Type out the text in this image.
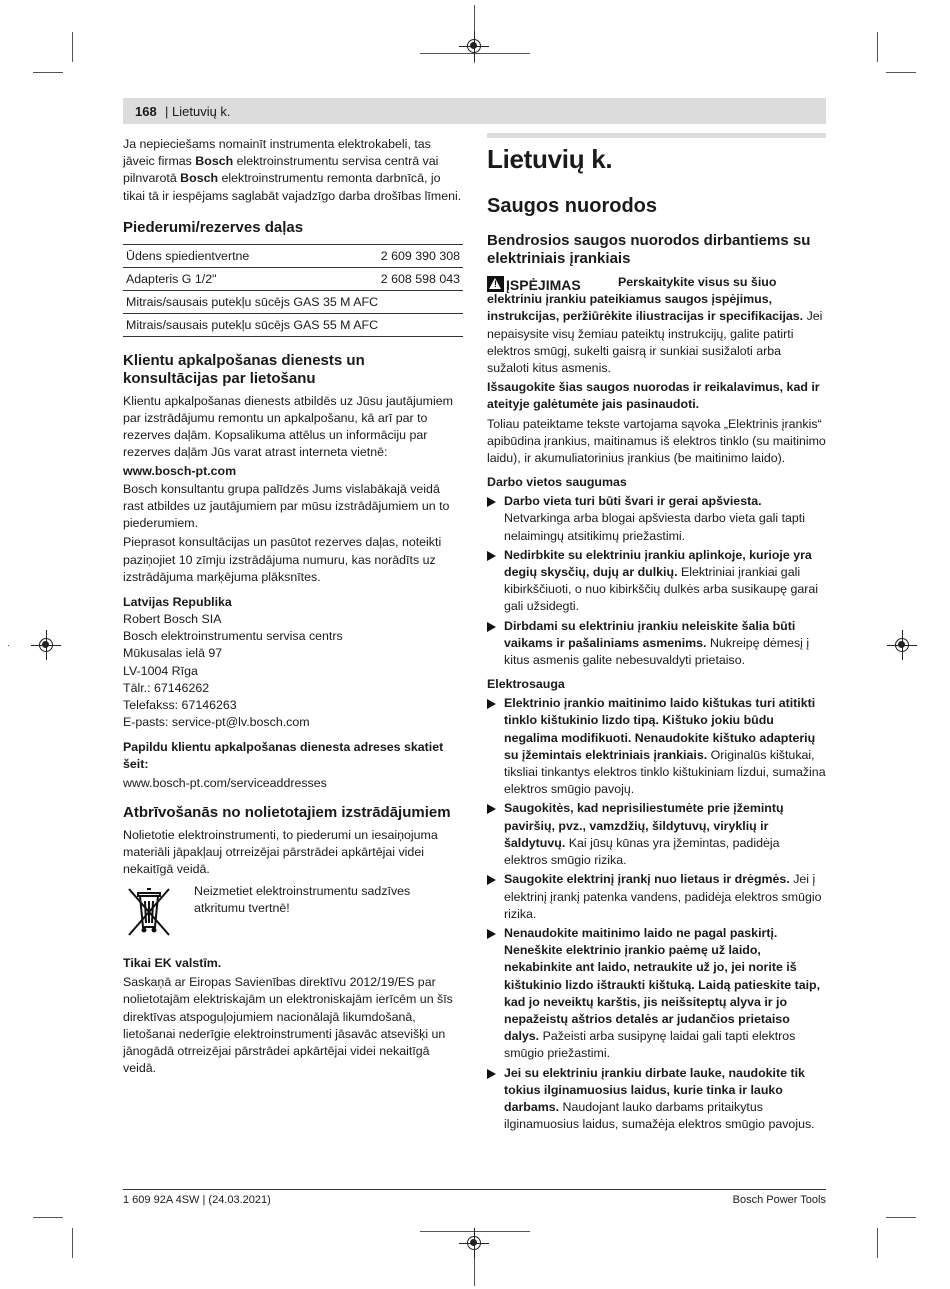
168 | Lietuvių k.

Ja nepieciešams nomainīt instrumenta elektrokabeli, tas jāveic firmas Bosch elektroinstrumentu servisa centrā vai pilnvarotā Bosch elektroinstrumentu remonta darbnīcā, jo tikai tā ir iespējams saglabāt vajadzīgo darba drošības līmeni.

Piederumi/rezerves daļas
Ūdens spiedientvertne	2 609 390 308
Adapteris G 1/2"	2 608 598 043
Mitrais/sausais putekļu sūcējs GAS 35 M AFC	
Mitrais/sausais putekļu sūcējs GAS 55 M AFC	
Klientu apkalpošanas dienests un konsultācijas par lietošanu

Klientu apkalpošanas dienests atbildēs uz Jūsu jautājumiem par izstrādājumu remontu un apkalpošanu, kā arī par to rezerves daļām. Kopsalikuma attēlus un informāciju par rezerves daļām Jūs varat atrast interneta vietnē:

www.bosch-pt.com

Bosch konsultantu grupa palīdzēs Jums vislabākajā veidā rast atbildes uz jautājumiem par mūsu izstrādājumiem un to piederumiem.

Pieprasot konsultācijas un pasūtot rezerves daļas, noteikti paziņojiet 10 zīmju izstrādājuma numuru, kas norādīts uz izstrādājuma marķējuma plāksnītes.

Latvijas Republika
Robert Bosch SIA
Bosch elektroinstrumentu servisa centrs
Mūkusalas ielā 97
LV-1004 Rīga
Tālr.: 67146262
Telefakss: 67146263
E-pasts: service-pt@lv.bosch.com
Papildu klientu apkalpošanas dienesta adreses skatiet šeit:

www.bosch-pt.com/serviceaddresses

Atbrīvošanās no nolietotajiem izstrādājumiem

Nolietotie elektroinstrumenti, to piederumi un iesaiņojuma materiāli jāpakļauj otrreizējai pārstrādei apkārtējai videi nekaitīgā veidā.

Neizmetiet elektroinstrumentu sadzīves atkritumu tvertnē!
Tikai EK valstīm.

Saskaņā ar Eiropas Savienības direktīvu 2012/19/ES par nolietotajām elektriskajām un elektroniskajām ierīcēm un šīs direktīvas atspoguļojumiem nacionālajā likumdošanā, lietošanai nederīgie elektroinstrumenti jāsavāc atsevišķi un jānogādā otrreizējai pārstrādei apkārtējai videi nekaitīgā veidā.

Lietuvių k.
Saugos nuorodos
Bendrosios saugos nuorodos dirbantiems su elektriniais įrankiais
!ĮSPĖJIMAS	Perskaitykite visus su šiuo elektriniu įrankiu pateikiamus saugos įspėjimus, instrukcijas, peržiūrėkite iliustracijas ir specifikacijas. Jei nepaisysite visų žemiau pateiktų instrukcijų, galite patirti elektros smūgį, sukelti gaisrą ir sunkiai susižaloti arba sužaloti kitus asmenis.

Išsaugokite šias saugos nuorodas ir reikalavimus, kad ir ateityje galėtumėte jais pasinaudoti.

Toliau pateiktame tekste vartojama sąvoka „Elektrinis įrankis“ apibūdina įrankius, maitinamus iš elektros tinklo (su maitinimo laidu), ir akumuliatorinius įrankius (be maitinimo laido).

Darbo vietos saugumas
Darbo vieta turi būti švari ir gerai apšviesta. Netvarkinga arba blogai apšviesta darbo vieta gali tapti nelaimingų atsitikimų priežastimi.
Nedirbkite su elektriniu įrankiu aplinkoje, kurioje yra degių skysčių, dujų ar dulkių. Elektriniai įrankiai gali kibirkščiuoti, o nuo kibirkščių dulkės arba susikaupę garai gali užsidegti.
Dirbdami su elektriniu įrankiu neleiskite šalia būti vaikams ir pašaliniams asmenims. Nukreipę dėmesį į kitus asmenis galite nebesuvaldyti prietaiso.
Elektrosauga
Elektrinio įrankio maitinimo laido kištukas turi atitikti tinklo kištukinio lizdo tipą. Kištuko jokiu būdu negalima modifikuoti. Nenaudokite kištuko adapterių su įžemintais elektriniais įrankiais. Originalūs kištukai, tiksliai tinkantys elektros tinklo kištukiniam lizdui, sumažina elektros smūgio pavojų.
Saugokitės, kad neprisiliestumėte prie įžemintų paviršių, pvz., vamzdžių, šildytuvų, viryklių ir šaldytuvų. Kai jūsų kūnas yra įžemintas, padidėja elektros smūgio rizika.
Saugokite elektrinį įrankį nuo lietaus ir drėgmės. Jei į elektrinį įrankį patenka vandens, padidėja elektros smūgio rizika.
Nenaudokite maitinimo laido ne pagal paskirtį. Neneškite elektrinio įrankio paėmę už laido, nekabinkite ant laido, netraukite už jo, jei norite iš kištukinio lizdo ištraukti kištuką. Laidą patieskite taip, kad jo neveiktų karštis, jis neišsiteptų alyva ir jo nepažeistų aštrios detalės ar judančios prietaiso dalys. Pažeisti arba susipynę laidai gali tapti elektros smūgio priežastimi.
Jei su elektriniu įrankiu dirbate lauke, naudokite tik tokius ilginamuosius laidus, kurie tinka ir lauko darbams. Naudojant lauko darbams pritaikytus ilginamuosius laidus, sumažėja elektros smūgio pavojus.
1 609 92A 4SW | (24.03.2021)	Bosch Power Tools
